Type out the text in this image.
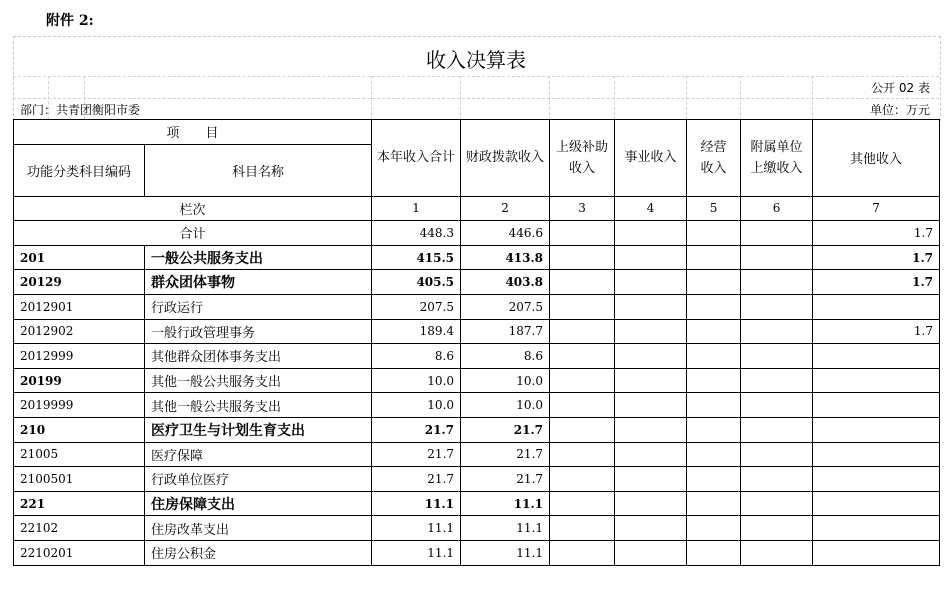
附件 2:
收入决算表
公开 02 表
部门：共青团衡阳市委	单位：万元
项　　目		本年收入合计	财政拨款收入	上级补助收入	事业收入	经营收入	附属单位上缴收入	其他收入
功能分类科目编码	科目名称							

栏次		1	2	3	4	5	6	7
合计		448.3	446.6					1.7
201	一般公共服务支出	415.5	413.8					1.7
20129	群众团体事物	405.5	403.8					1.7
2012901	行政运行	207.5	207.5					
2012902	一般行政管理事务	189.4	187.7					1.7
2012999	其他群众团体事务支出	8.6	8.6					
20199	其他一般公共服务支出	10.0	10.0					
2019999	其他一般公共服务支出	10.0	10.0					
210	医疗卫生与计划生育支出	21.7	21.7					
21005	医疗保障	21.7	21.7					
2100501	行政单位医疗	21.7	21.7					
221	住房保障支出	11.1	11.1					
22102	住房改革支出	11.1	11.1					
2210201	住房公积金	11.1	11.1					
